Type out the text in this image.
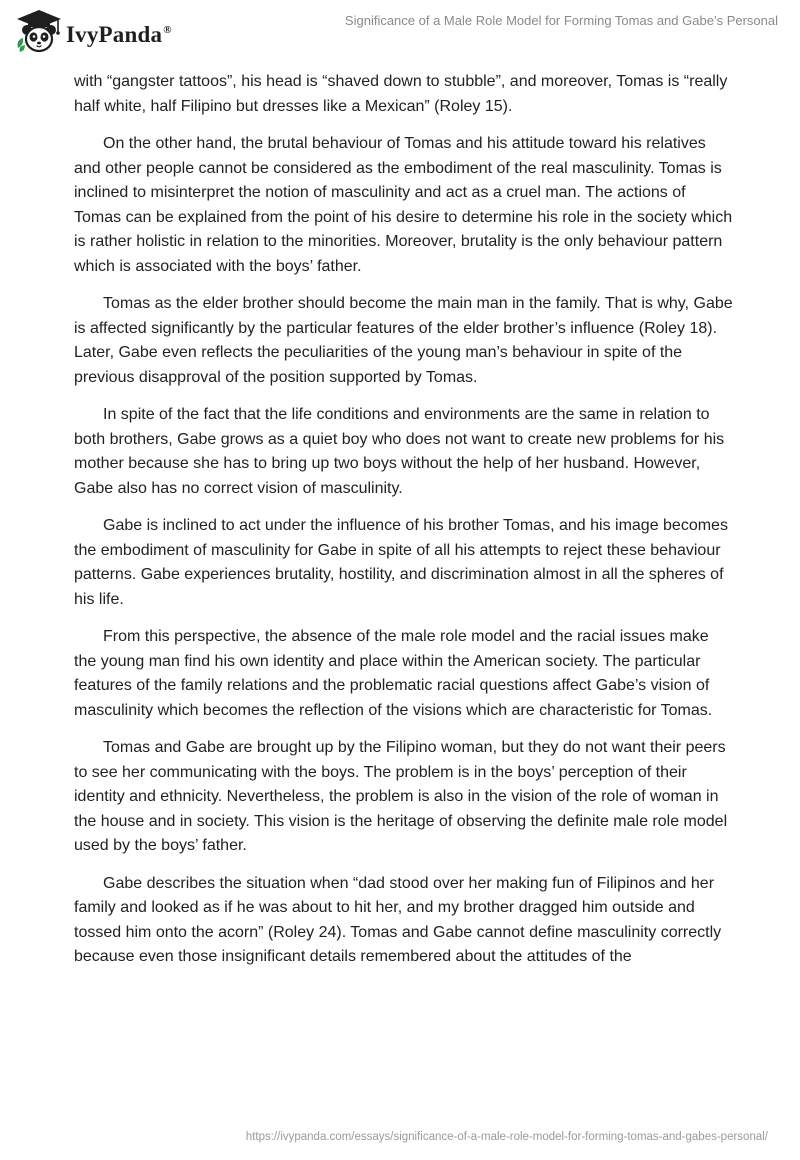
IvyPanda®
Significance of a Male Role Model for Forming Tomas and Gabe’s Personal

with “gangster tattoos”, his head is “shaved down to stubble”, and moreover, Tomas is “really half white, half Filipino but dresses like a Mexican” (Roley 15).

On the other hand, the brutal behaviour of Tomas and his attitude toward his relatives and other people cannot be considered as the embodiment of the real masculinity. Tomas is inclined to misinterpret the notion of masculinity and act as a cruel man. The actions of Tomas can be explained from the point of his desire to determine his role in the society which is rather holistic in relation to the minorities. Moreover, brutality is the only behaviour pattern which is associated with the boys’ father.

Tomas as the elder brother should become the main man in the family. That is why, Gabe is affected significantly by the particular features of the elder brother’s influence (Roley 18). Later, Gabe even reflects the peculiarities of the young man’s behaviour in spite of the previous disapproval of the position supported by Tomas.

In spite of the fact that the life conditions and environments are the same in relation to both brothers, Gabe grows as a quiet boy who does not want to create new problems for his mother because she has to bring up two boys without the help of her husband. However, Gabe also has no correct vision of masculinity.

Gabe is inclined to act under the influence of his brother Tomas, and his image becomes the embodiment of masculinity for Gabe in spite of all his attempts to reject these behaviour patterns. Gabe experiences brutality, hostility, and discrimination almost in all the spheres of his life.

From this perspective, the absence of the male role model and the racial issues make the young man find his own identity and place within the American society. The particular features of the family relations and the problematic racial questions affect Gabe’s vision of masculinity which becomes the reflection of the visions which are characteristic for Tomas.

Tomas and Gabe are brought up by the Filipino woman, but they do not want their peers to see her communicating with the boys. The problem is in the boys’ perception of their identity and ethnicity. Nevertheless, the problem is also in the vision of the role of woman in the house and in society. This vision is the heritage of observing the definite male role model used by the boys’ father.

Gabe describes the situation when “dad stood over her making fun of Filipinos and her family and looked as if he was about to hit her, and my brother dragged him outside and tossed him onto the acorn” (Roley 24). Tomas and Gabe cannot define masculinity correctly because even those insignificant details remembered about the attitudes of the

https://ivypanda.com/essays/significance-of-a-male-role-model-for-forming-tomas-and-gabes-personal/
